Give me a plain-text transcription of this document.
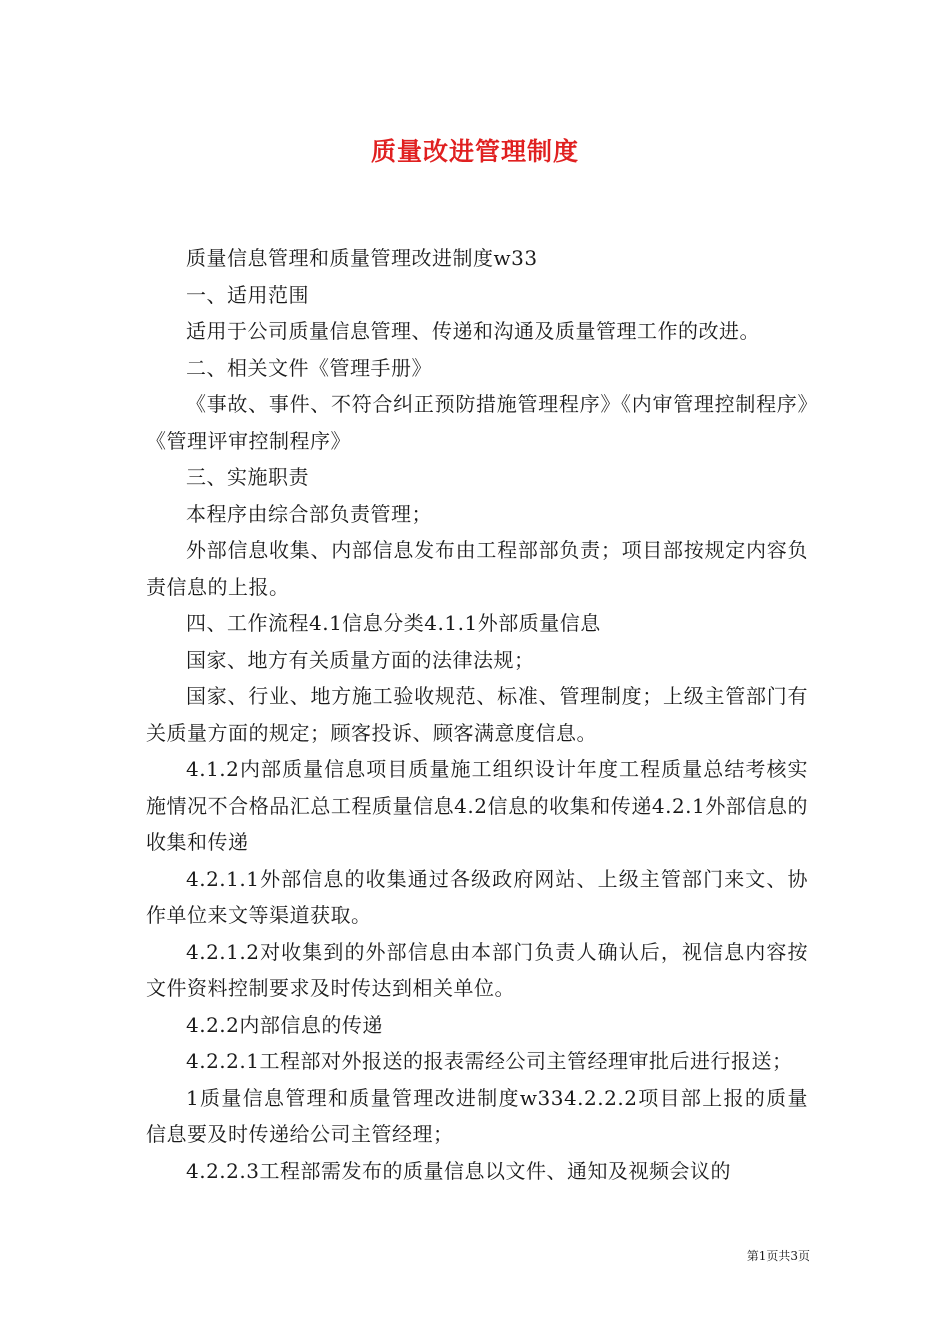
质量改进管理制度

质量信息管理和质量管理改进制度w33

一、适用范围

适用于公司质量信息管理、传递和沟通及质量管理工作的改进。

二、相关文件《管理手册》

《事故、事件、不符合纠正预防措施管理程序》《内审管理控制程序》《管理评审控制程序》

三、实施职责

本程序由综合部负责管理；

外部信息收集、内部信息发布由工程部部负责；项目部按规定内容负责信息的上报。

四、工作流程4.1信息分类4.1.1外部质量信息

国家、地方有关质量方面的法律法规；

国家、行业、地方施工验收规范、标准、管理制度；上级主管部门有关质量方面的规定；顾客投诉、顾客满意度信息。

4.1.2内部质量信息项目质量施工组织设计年度工程质量总结考核实施情况不合格品汇总工程质量信息4.2信息的收集和传递4.2.1外部信息的收集和传递

4.2.1.1外部信息的收集通过各级政府网站、上级主管部门来文、协作单位来文等渠道获取。

4.2.1.2对收集到的外部信息由本部门负责人确认后，视信息内容按文件资料控制要求及时传达到相关单位。

4.2.2内部信息的传递

4.2.2.1工程部对外报送的报表需经公司主管经理审批后进行报送；

1质量信息管理和质量管理改进制度w334.2.2.2项目部上报的质量信息要及时传递给公司主管经理；

4.2.2.3工程部需发布的质量信息以文件、通知及视频会议的

第1页共3页
